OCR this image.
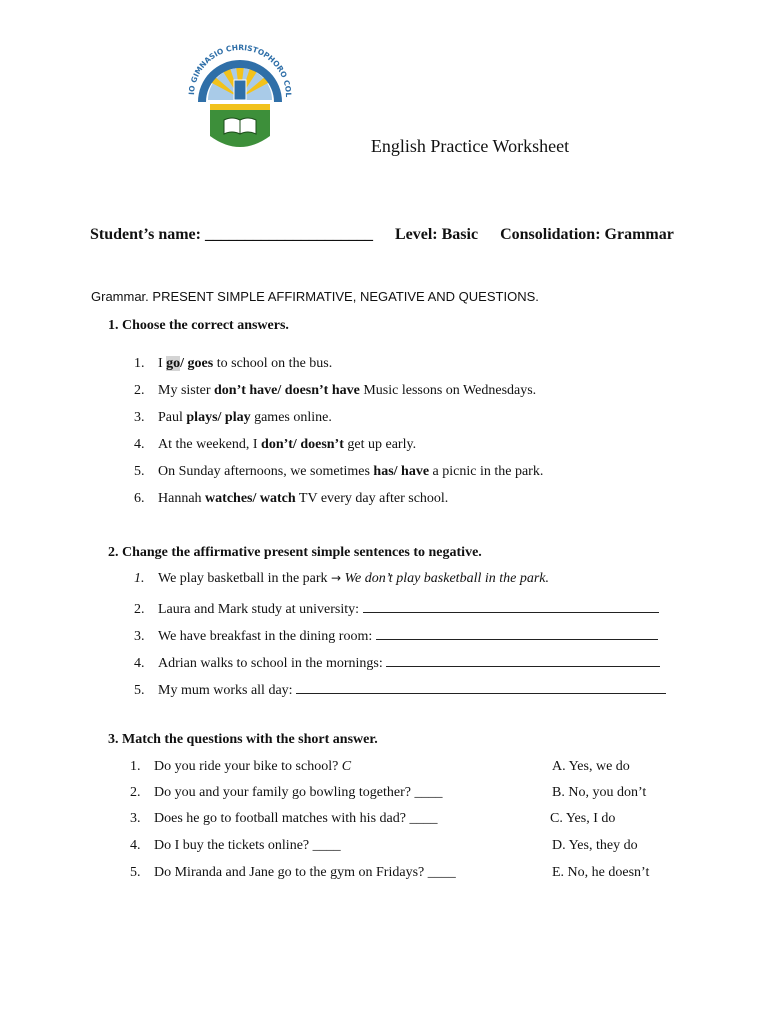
IO GIMNASIO CHRISTOPHORO COL
English Practice Worksheet
Student’s name: _____________________ Level: Basic Consolidation: Grammar
Grammar. PRESENT SIMPLE AFFIRMATIVE, NEGATIVE AND QUESTIONS.
1. Choose the correct answers.
1. I go/ goes to school on the bus.
2. My sister don’t have/ doesn’t have Music lessons on Wednesdays.
3. Paul plays/ play games online.
4. At the weekend, I don’t/ doesn’t get up early.
5. On Sunday afternoons, we sometimes has/ have a picnic in the park.
6. Hannah watches/ watch TV every day after school.
2. Change the affirmative present simple sentences to negative.
1. We play basketball in the park → We don’t play basketball in the park.
2. Laura and Mark study at university:
3. We have breakfast in the dining room:
4. Adrian walks to school in the mornings:
5. My mum works all day:
3. Match the questions with the short answer.
1. Do you ride your bike to school? C
2. Do you and your family go bowling together? ____
3. Does he go to football matches with his dad? ____
4. Do I buy the tickets online? ____
5. Do Miranda and Jane go to the gym on Fridays? ____
A. Yes, we do
B. No, you don’t
C. Yes, I do
D. Yes, they do
E. No, he doesn’t
